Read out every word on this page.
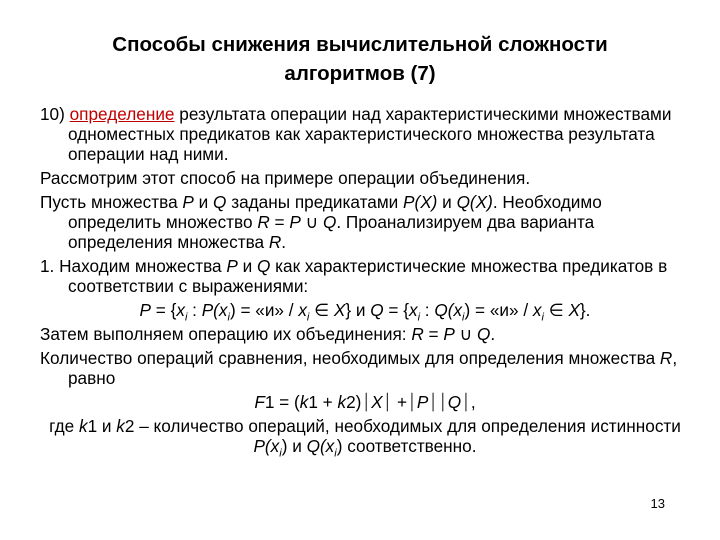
Способы снижения вычислительной сложности
алгоритмов (7)
10) определение результата операции над характеристическими множествами одноместных предикатов как характеристического множества результата операции над ними.
Рассмотрим этот способ на примере операции объединения.
Пусть множества P и Q заданы предикатами P(X) и Q(X). Необходимо определить множество R = P ∪ Q. Проанализируем два варианта определения множества R.
1. Находим множества P и Q как характеристические множества предикатов в соответствии с выражениями:
$P = \{x_i$ : $P(x_i)$ = «и» / $x_i$ ∈ X} и $Q = \{x_i$ : $Q(x_i)$ = «и» / $x_i$ ∈ X}.
Затем выполняем операцию их объединения: R = P ∪ Q.
Количество операций сравнения, необходимых для определения множества R, равно
F1 = (k1 + k2)⏐X⏐ +⏐P⏐⏐Q⏐,
где k1 и k2 – количество операций, необходимых для определения истинности $P(x_i)$ и $Q(x_i)$ соответственно.
13
